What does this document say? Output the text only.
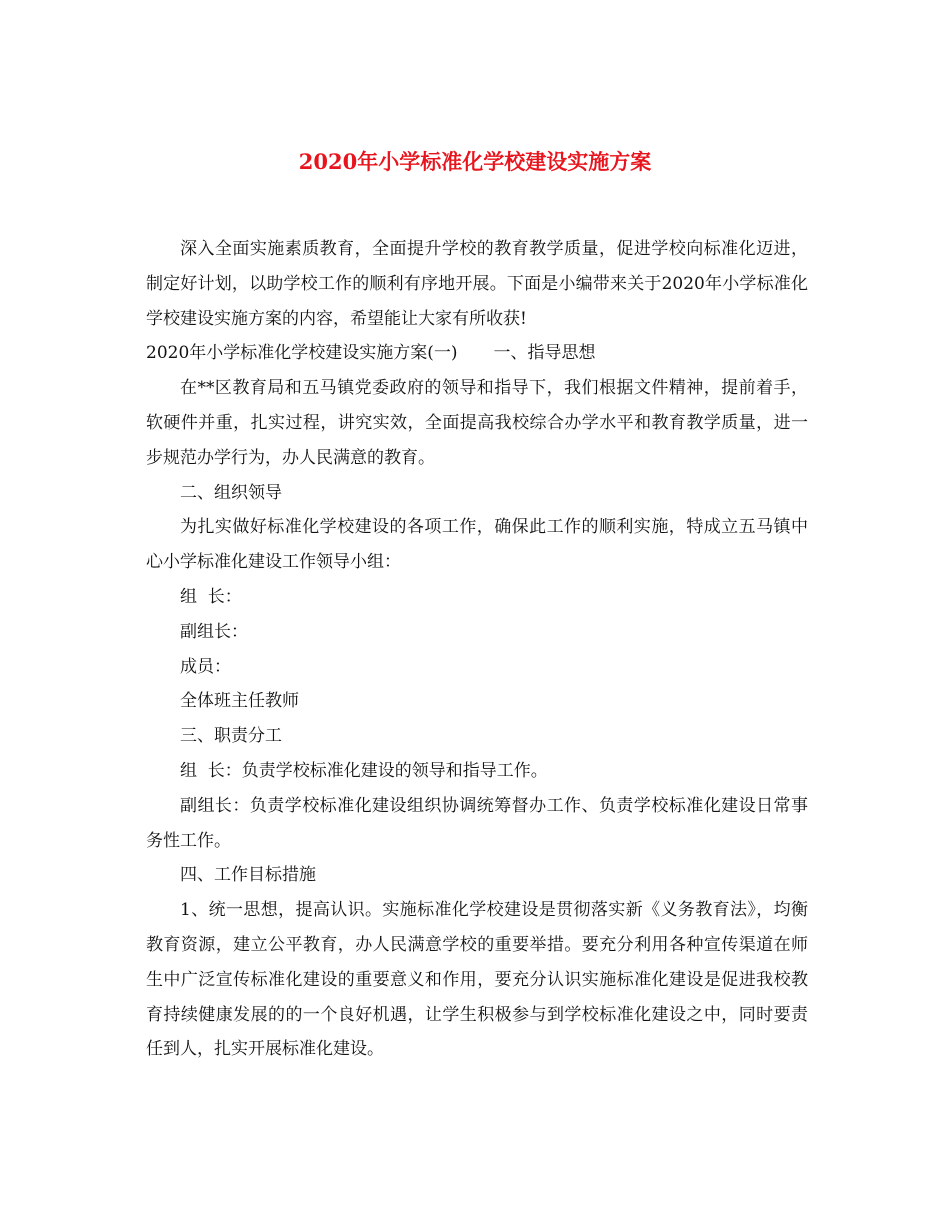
2020年小学标准化学校建设实施方案

深入全面实施素质教育，全面提升学校的教育教学质量，促进学校向标准化迈进，制定好计划，以助学校工作的顺利有序地开展。下面是小编带来关于2020年小学标准化学校建设实施方案的内容，希望能让大家有所收获!

2020年小学标准化学校建设实施方案(一) 一、指导思想

在**区教育局和五马镇党委政府的领导和指导下，我们根据文件精神，提前着手，软硬件并重，扎实过程，讲究实效，全面提高我校综合办学水平和教育教学质量，进一步规范办学行为，办人民满意的教育。

二、组织领导

为扎实做好标准化学校建设的各项工作，确保此工作的顺利实施，特成立五马镇中心小学标准化建设工作领导小组：

组  长：

副组长：

成员：

全体班主任教师

三、职责分工

组  长：负责学校标准化建设的领导和指导工作。

副组长：负责学校标准化建设组织协调统筹督办工作、负责学校标准化建设日常事务性工作。

四、工作目标措施

1、统一思想，提高认识。实施标准化学校建设是贯彻落实新《义务教育法》，均衡教育资源，建立公平教育，办人民满意学校的重要举措。要充分利用各种宣传渠道在师生中广泛宣传标准化建设的重要意义和作用，要充分认识实施标准化建设是促进我校教育持续健康发展的的一个良好机遇，让学生积极参与到学校标准化建设之中，同时要责任到人，扎实开展标准化建设。
